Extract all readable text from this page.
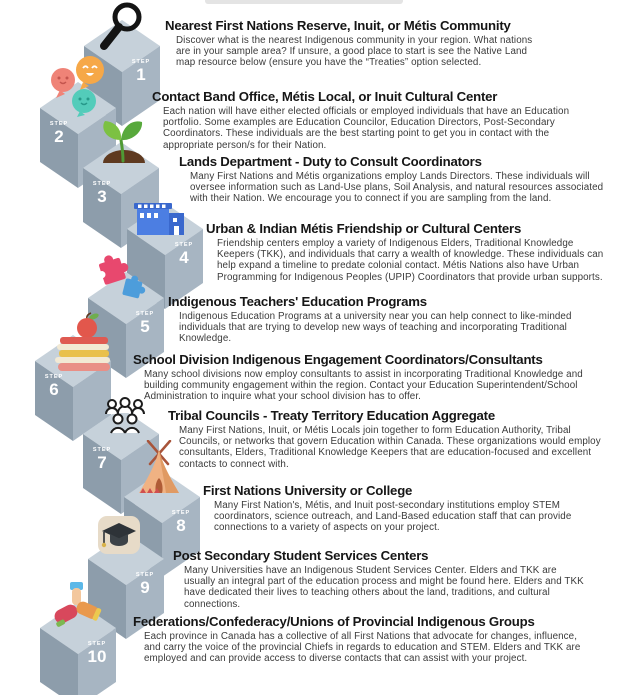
STEP
1
Nearest First Nations Reserve, Inuit, or Métis Community

Discover what is the nearest Indigenous community in your region. What nations are in your sample area? If unsure, a good place to start is see the Native Land map resource below (ensure you have the “Treaties” option selected.

STEP
2
Contact Band Office, Métis Local, or Inuit Cultural Center

Each nation will have either elected officials or employed individuals that have an Education portfolio. Some examples are Education Councilor, Education Directors, Post-Secondary Coordinators. These individuals are the best starting point to get you in contact with the appropriate person/s for their Nation.

STEP
3
Lands Department - Duty to Consult Coordinators

Many First Nations and Métis organizations employ Lands Directors. These individuals will oversee information such as Land-Use plans, Soil Analysis, and natural resources associated with their Nation. We encourage you to connect if you are sampling from the land.

STEP
4
Urban & Indian Métis Friendship or Cultural Centers

Friendship centers employ a variety of Indigenous Elders, Traditional Knowledge Keepers (TKK), and individuals that carry a wealth of knowledge. These individuals can help expand a timeline to predate colonial contact. Métis Nations also have Urban Programming for Indigenous Peoples (UPIP) Coordinators that provide urban supports.

STEP
5
Indigenous Teachers' Education Programs

Indigenous Education Programs at a university near you can help connect to like-minded individuals that are trying to develop new ways of teaching and incorporating Traditional Knowledge.

STEP
6
School Division Indigenous Engagement Coordinators/Consultants

Many school divisions now employ consultants to assist in incorporating Traditional Knowledge and building community engagement within the region. Contact your Education Superintendent/School Administration to inquire what your school division has to offer.

STEP
7
Tribal Councils - Treaty Territory Education Aggregate

Many First Nations, Inuit, or Métis Locals join together to form Education Authority, Tribal Councils, or networks that govern Education within Canada. These organizations would employ consultants, Elders, Traditional Knowledge Keepers that are education-focused and excellent contacts to connect with.

STEP
8
First Nations University or College

Many First Nation's, Métis, and Inuit post-secondary institutions employ STEM coordinators, science outreach, and Land-Based education staff that can provide connections to a variety of aspects on your project.

STEP
9
Post Secondary Student Services Centers

Many Universities have an Indigenous Student Services Center. Elders and TKK are usually an integral part of the education process and might be found here. Elders and TKK have dedicated their lives to teaching others about the land, traditions, and cultural connections.

STEP
10
Federations/Confederacy/Unions of Provincial Indigenous Groups

Each province in Canada has a collective of all First Nations that advocate for changes, influence, and carry the voice of the provincial Chiefs in regards to education and STEM. Elders and TKK are employed and can provide access to diverse contacts that can assist with your project.
